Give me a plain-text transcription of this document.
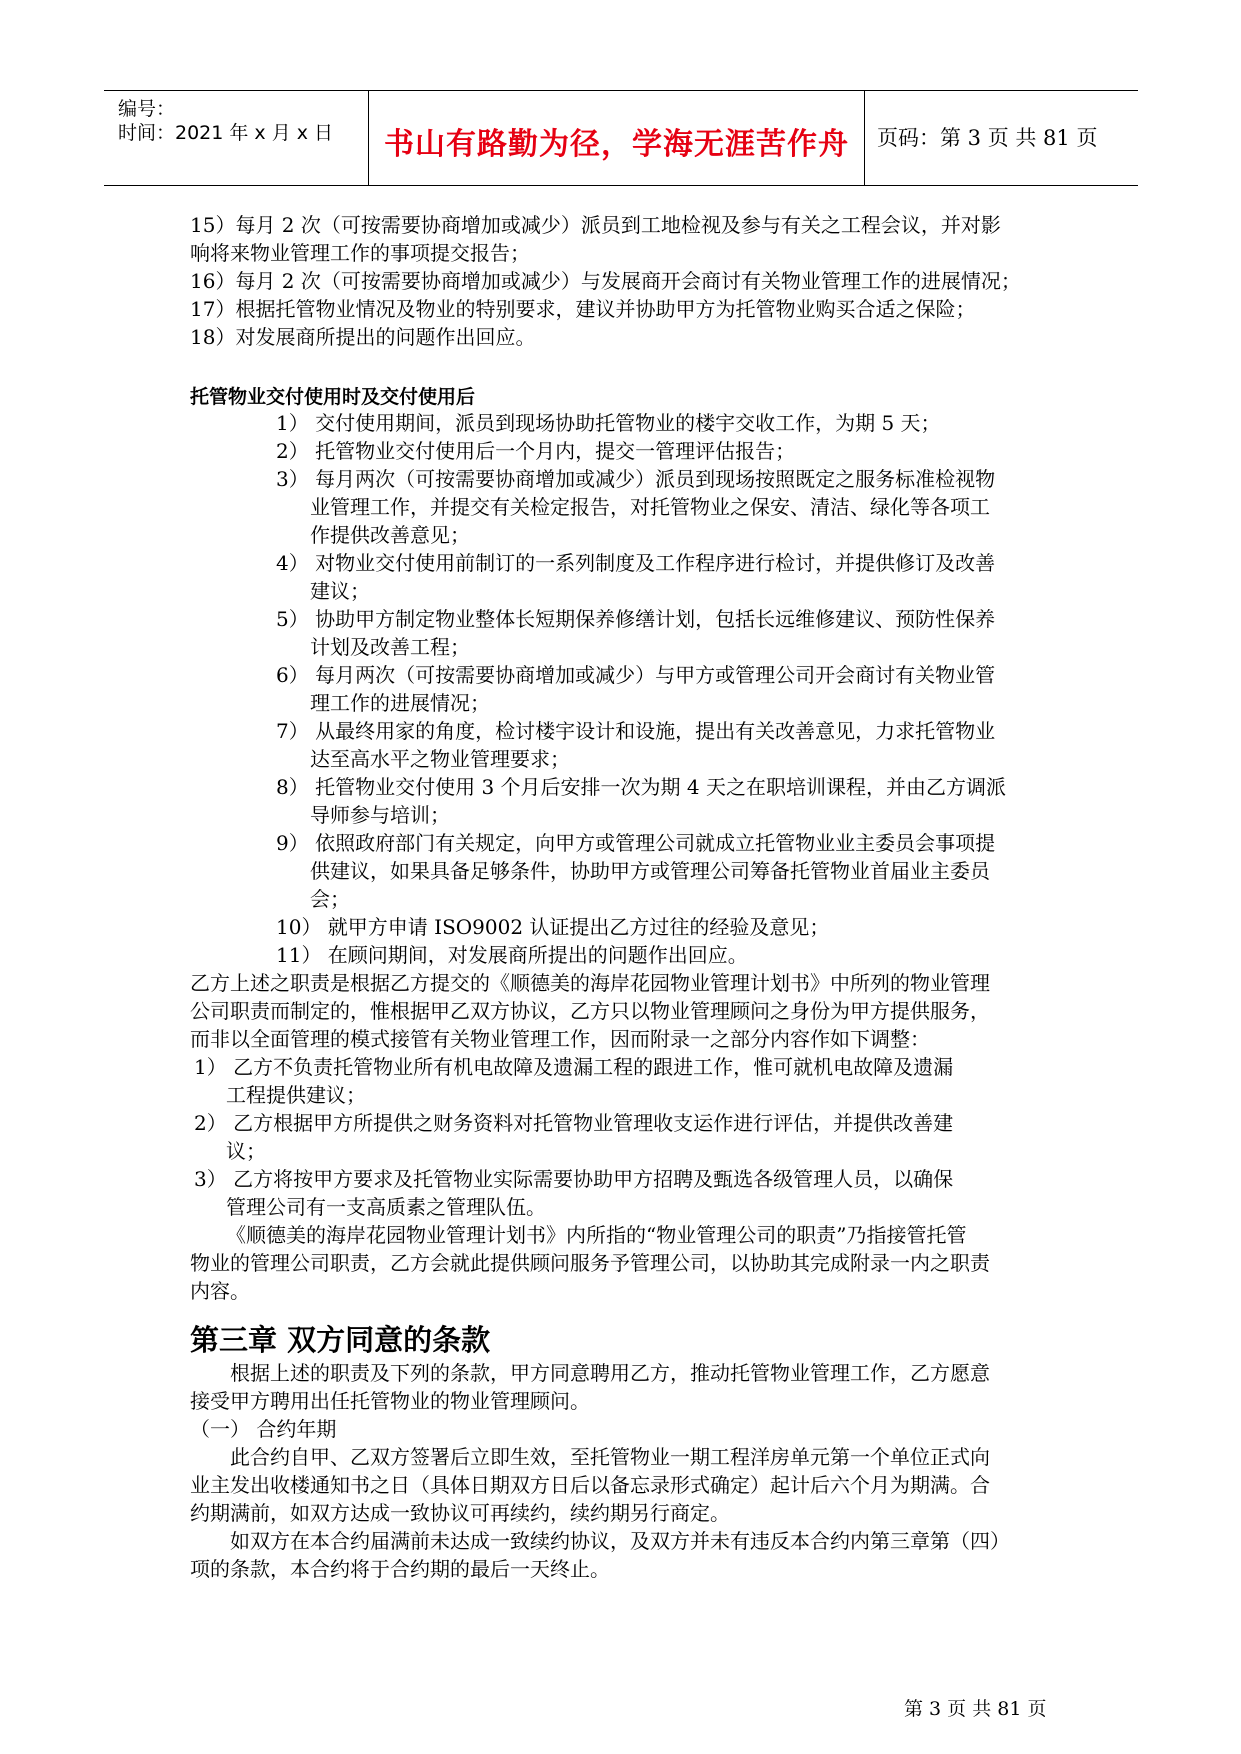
编号：
时间：2021 年 x 月 x 日	书山有路勤为径，学海无涯苦作舟	页码：第 3 页 共 81 页
15）每月 2 次（可按需要协商增加或减少）派员到工地检视及参与有关之工程会议，并对影
响将来物业管理工作的事项提交报告；
16）每月 2 次（可按需要协商增加或减少）与发展商开会商讨有关物业管理工作的进展情况；
17）根据托管物业情况及物业的特别要求，建议并协助甲方为托管物业购买合适之保险；
18）对发展商所提出的问题作出回应。
托管物业交付使用时及交付使用后
1） 交付使用期间，派员到现场协助托管物业的楼宇交收工作，为期 5 天；
2） 托管物业交付使用后一个月内，提交一管理评估报告；
3） 每月两次（可按需要协商增加或减少）派员到现场按照既定之服务标准检视物
业管理工作，并提交有关检定报告，对托管物业之保安、清洁、绿化等各项工
作提供改善意见；
4） 对物业交付使用前制订的一系列制度及工作程序进行检讨，并提供修订及改善
建议；
5） 协助甲方制定物业整体长短期保养修缮计划，包括长远维修建议、预防性保养
计划及改善工程；
6） 每月两次（可按需要协商增加或减少）与甲方或管理公司开会商讨有关物业管
理工作的进展情况；
7） 从最终用家的角度，检讨楼宇设计和设施，提出有关改善意见，力求托管物业
达至高水平之物业管理要求；
8） 托管物业交付使用 3 个月后安排一次为期 4 天之在职培训课程，并由乙方调派
导师参与培训；
9） 依照政府部门有关规定，向甲方或管理公司就成立托管物业业主委员会事项提
供建议，如果具备足够条件，协助甲方或管理公司筹备托管物业首届业主委员
会；
10） 就甲方申请 ISO9002 认证提出乙方过往的经验及意见；
11） 在顾问期间，对发展商所提出的问题作出回应。
乙方上述之职责是根据乙方提交的《顺德美的海岸花园物业管理计划书》中所列的物业管理
公司职责而制定的，惟根据甲乙双方协议，乙方只以物业管理顾问之身份为甲方提供服务，
而非以全面管理的模式接管有关物业管理工作，因而附录一之部分内容作如下调整：
1） 乙方不负责托管物业所有机电故障及遗漏工程的跟进工作，惟可就机电故障及遗漏
工程提供建议；
2） 乙方根据甲方所提供之财务资料对托管物业管理收支运作进行评估，并提供改善建
议；
3） 乙方将按甲方要求及托管物业实际需要协助甲方招聘及甄选各级管理人员，以确保
管理公司有一支高质素之管理队伍。
《顺德美的海岸花园物业管理计划书》内所指的“物业管理公司的职责”乃指接管托管
物业的管理公司职责，乙方会就此提供顾问服务予管理公司，以协助其完成附录一内之职责
内容。
第三章 双方同意的条款
根据上述的职责及下列的条款，甲方同意聘用乙方，推动托管物业管理工作，乙方愿意
接受甲方聘用出任托管物业的物业管理顾问。
（一） 合约年期
此合约自甲、乙双方签署后立即生效，至托管物业一期工程洋房单元第一个单位正式向
业主发出收楼通知书之日（具体日期双方日后以备忘录形式确定）起计后六个月为期满。合
约期满前，如双方达成一致协议可再续约，续约期另行商定。
如双方在本合约届满前未达成一致续约协议，及双方并未有违反本合约内第三章第（四）
项的条款，本合约将于合约期的最后一天终止。
第 3 页 共 81 页
